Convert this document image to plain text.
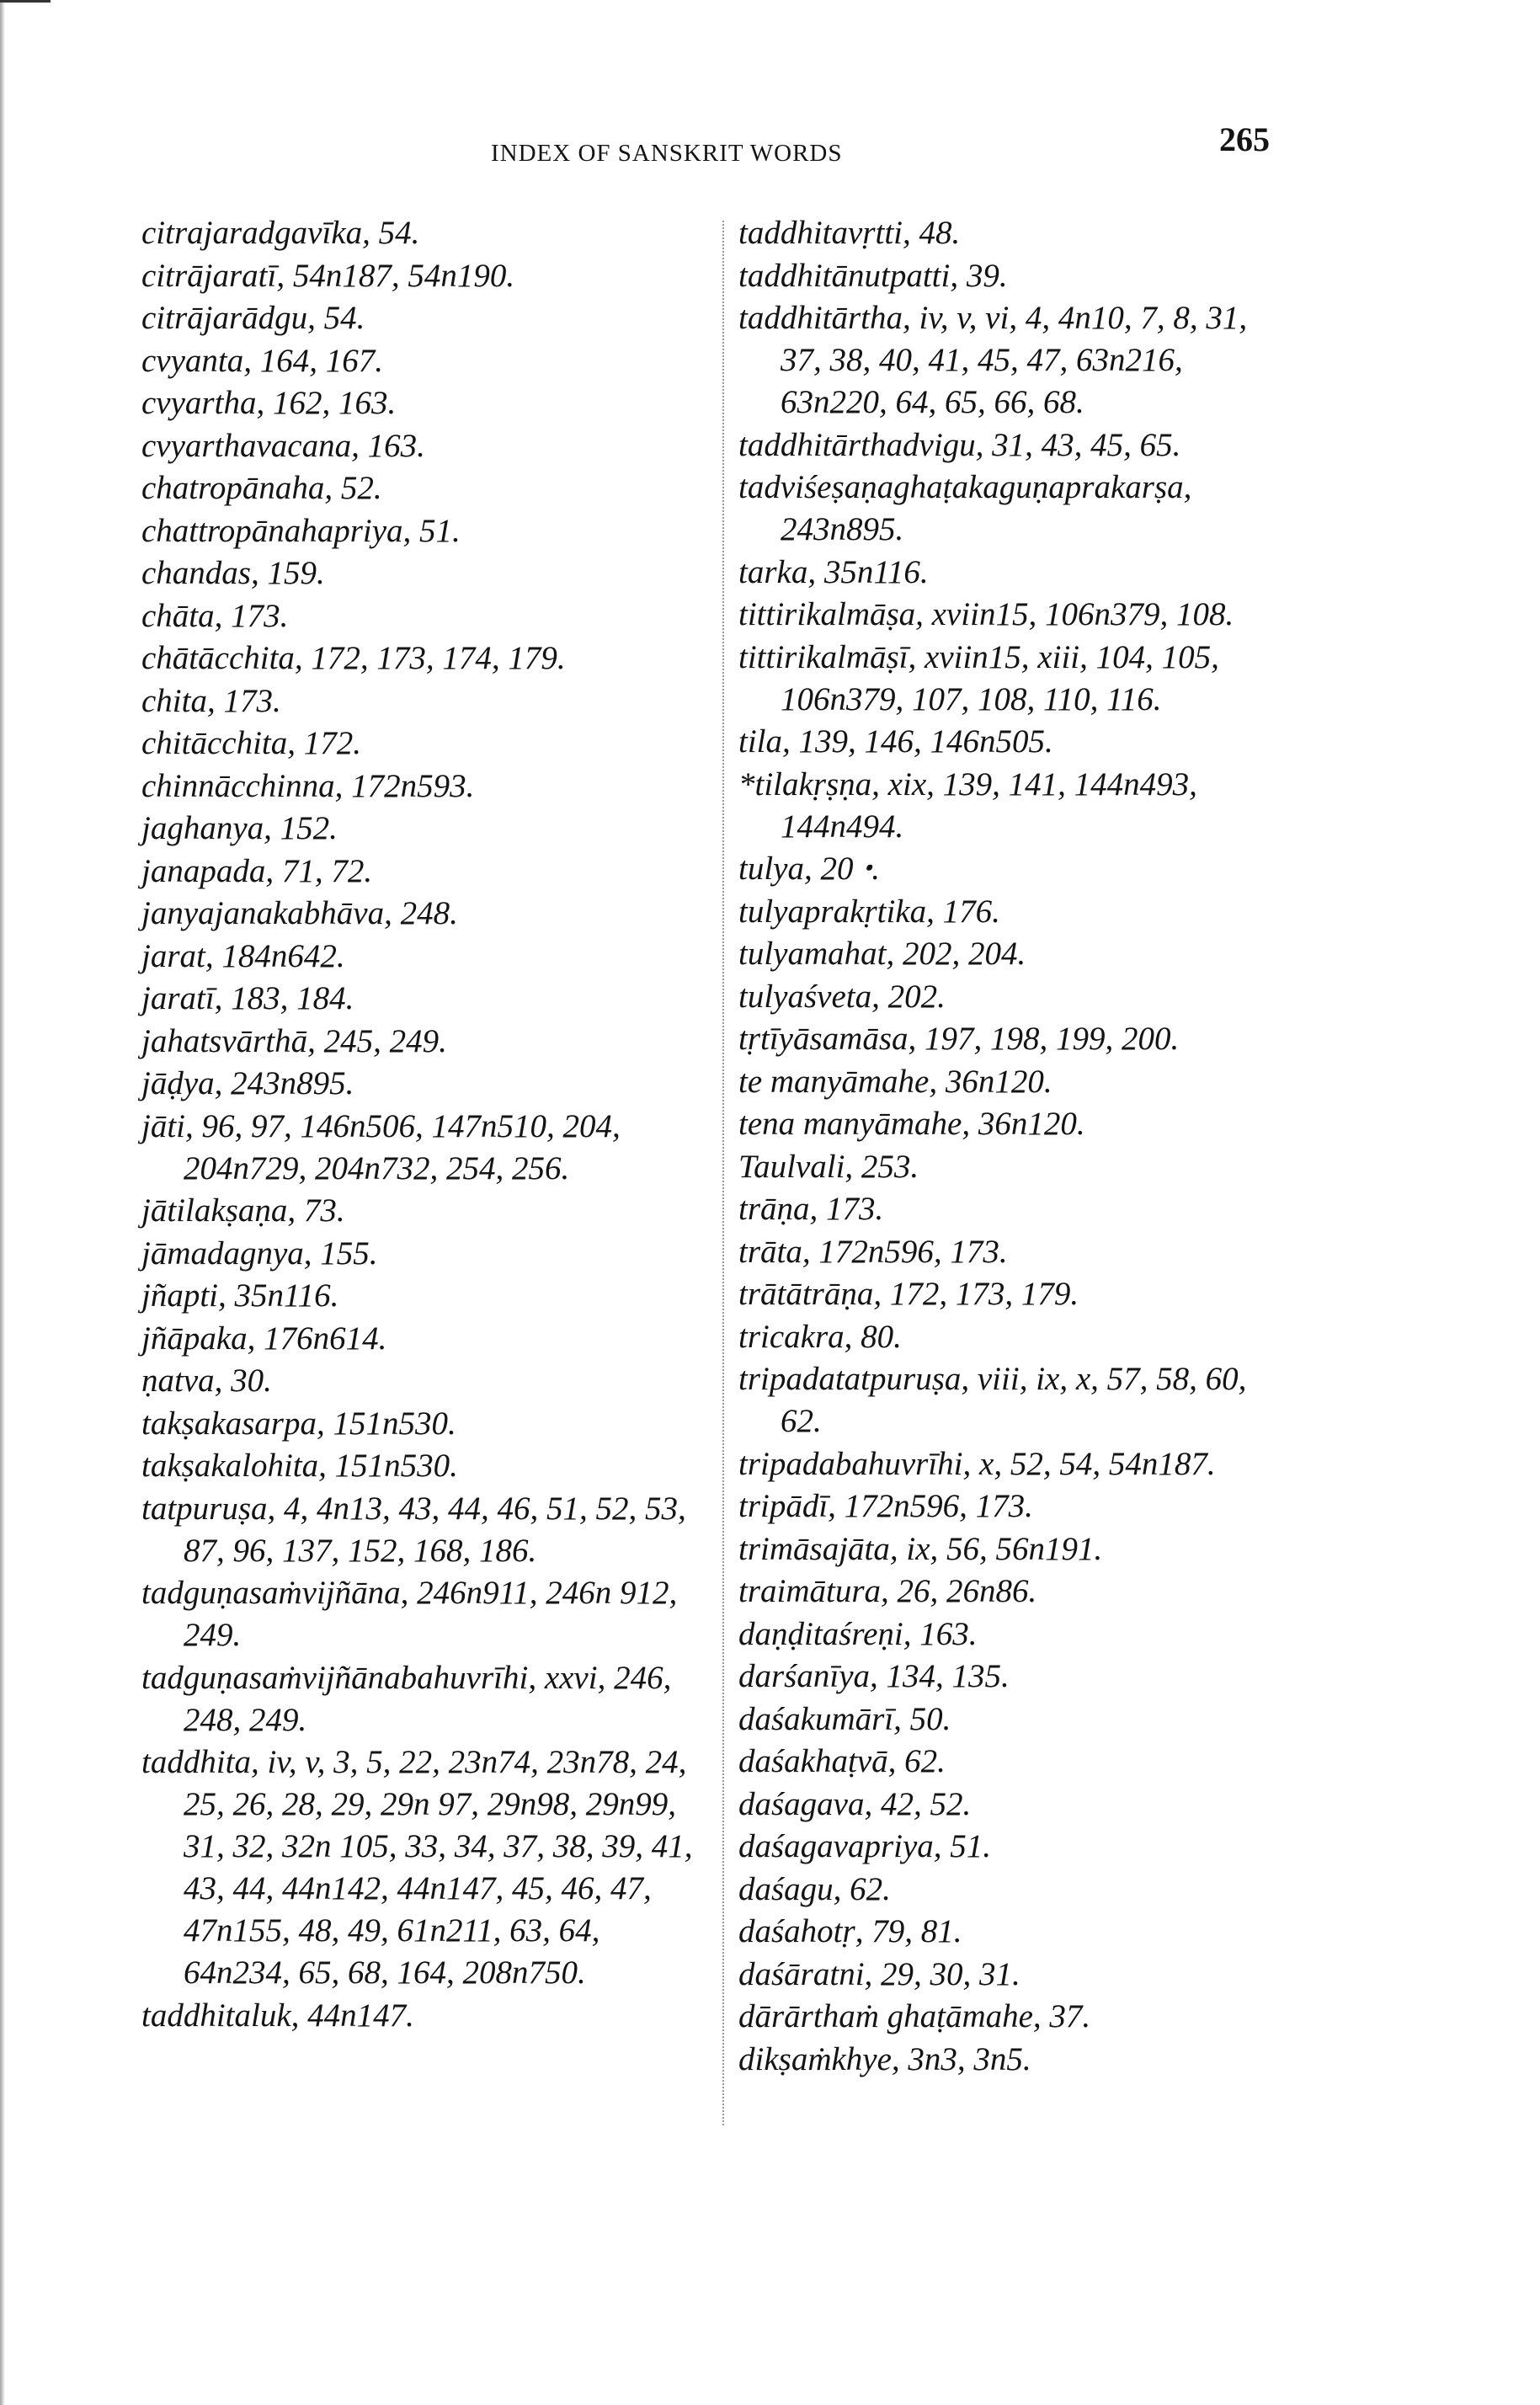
INDEX OF SANSKRIT WORDS	265

citrajaradgavīka, 54.

citrājaratī, 54n187, 54n190.

citrājarādgu, 54.

cvyanta, 164, 167.

cvyartha, 162, 163.

cvyarthavacana, 163.

chatropānaha, 52.

chattropānahapriya, 51.

chandas, 159.

chāta, 173.

chātācchita, 172, 173, 174, 179.

chita, 173.

chitācchita, 172.

chinnācchinna, 172n593.

jaghanya, 152.

janapada, 71, 72.

janyajanakabhāva, 248.

jarat, 184n642.

jaratī, 183, 184.

jahatsvārthā, 245, 249.

jāḍya, 243n895.

jāti, 96, 97, 146n506, 147n510, 204, 204n729, 204n732, 254, 256.

jātilakṣaṇa, 73.

jāmadagnya, 155.

jñapti, 35n116.

jñāpaka, 176n614.

ṇatva, 30.

takṣakasarpa, 151n530.

takṣakalohita, 151n530.

tatpuruṣa, 4, 4n13, 43, 44, 46, 51, 52, 53, 87, 96, 137, 152, 168, 186.

tadguṇasaṁvijñāna, 246n911, 246n 912, 249.

tadguṇasaṁvijñānabahuvrīhi, xxvi, 246, 248, 249.

taddhita, iv, v, 3, 5, 22, 23n74, 23n78, 24, 25, 26, 28, 29, 29n 97, 29n98, 29n99, 31, 32, 32n 105, 33, 34, 37, 38, 39, 41, 43, 44, 44n142, 44n147, 45, 46, 47, 47n155, 48, 49, 61n211, 63, 64, 64n234, 65, 68, 164, 208n750.

taddhitaluk, 44n147.

taddhitavṛtti, 48.

taddhitānutpatti, 39.

taddhitārtha, iv, v, vi, 4, 4n10, 7, 8, 31, 37, 38, 40, 41, 45, 47, 63n216, 63n220, 64, 65, 66, 68.

taddhitārthadvigu, 31, 43, 45, 65.

tadviśeṣaṇaghaṭakaguṇaprakarṣa, 243n895.

tarka, 35n116.

tittirikalmāṣa, xviin15, 106n379, 108.

tittirikalmāṣī, xviin15, xiii, 104, 105, 106n379, 107, 108, 110, 116.

tila, 139, 146, 146n505.

*tilakṛṣṇa, xix, 139, 141, 144n493, 144n494.

tulya, 20 ꞏ.

tulyaprakṛtika, 176.

tulyamahat, 202, 204.

tulyaśveta, 202.

tṛtīyāsamāsa, 197, 198, 199, 200.

te manyāmahe, 36n120.

tena manyāmahe, 36n120.

Taulvali, 253.

trāṇa, 173.

trāta, 172n596, 173.

trātātrāṇa, 172, 173, 179.

tricakra, 80.

tripadatatpuruṣa, viii, ix, x, 57, 58, 60, 62.

tripadabahuvrīhi, x, 52, 54, 54n187.

tripādī, 172n596, 173.

trimāsajāta, ix, 56, 56n191.

traimātura, 26, 26n86.

daṇḍitaśreṇi, 163.

darśanīya, 134, 135.

daśakumārī, 50.

daśakhaṭvā, 62.

daśagava, 42, 52.

daśagavapriya, 51.

daśagu, 62.

daśahotṛ, 79, 81.

daśāratni, 29, 30, 31.

dārārthaṁ ghaṭāmahe, 37.

dikṣaṁkhye, 3n3, 3n5.
